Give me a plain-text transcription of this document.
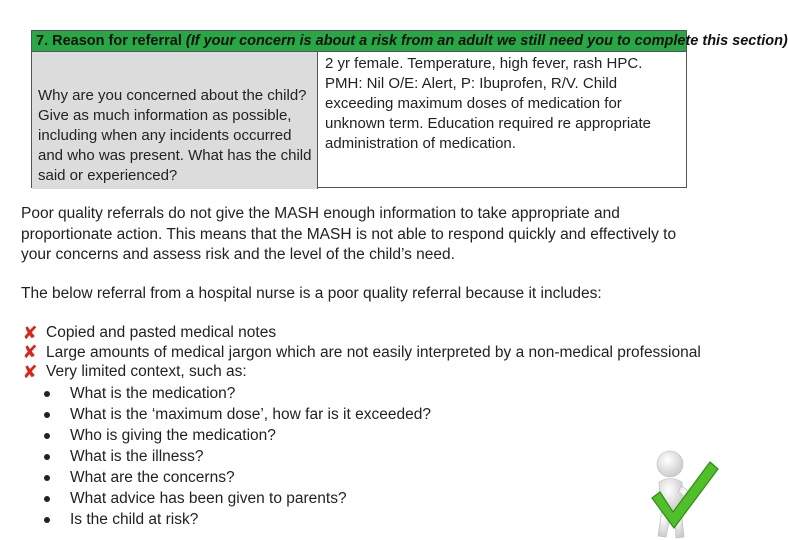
7. Reason for referral (If your concern is about a risk from an adult we still need you to complete this section)
Why are you concerned about the child? Give as much information as possible, including when any incidents occurred and who was present. What has the child said or experienced?
2 yr female. Temperature, high fever, rash HPC. PMH: Nil O/E: Alert, P: Ibuprofen, R/V. Child exceeding maximum doses of medication for unknown term. Education required re appropriate administration of medication.
Poor quality referrals do not give the MASH enough information to take appropriate and proportionate action. This means that the MASH is not able to respond quickly and effectively to your concerns and assess risk and the level of the child’s need.
The below referral from a hospital nurse is a poor quality referral because it includes:
✘ Copied and pasted medical notes
✘ Large amounts of medical jargon which are not easily interpreted by a non-medical professional
✘ Very limited context, such as:
What is the medication?
What is the ‘maximum dose’, how far is it exceeded?
Who is giving the medication?
What is the illness?
What are the concerns?
What advice has been given to parents?
Is the child at risk?
